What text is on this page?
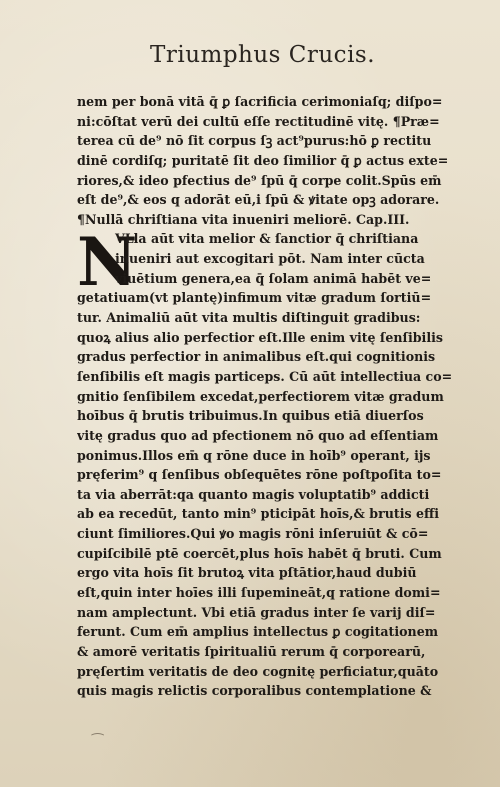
Triumphus Crucis.
N
nem per bonā vitā q̄ ꝑ ſacrificia cerimoniaſq; diſpo=
ni:cōſtat verū dei cultū eſſe rectitudinē vitę. ¶Præ=
terea cū de⁹ nō ſit corpus ſꝫ act⁹purus:hō ꝑ rectitu
dinē cordiſq; puritatē ſit deo ſimilior q̄ ꝑ actus exte=
riores,& ideo pfectius de⁹ ſpū q̄ corpe colit.Spūs em̄
eſt de⁹,& eos q adorāt eū,i ſpū & ꝟitate opꝫ adorare.
¶Nullā chriſtiana vita inueniri meliorē. Cap.III.
VLla aūt vita melior & ſanctior q̄ chriſtiana
inueniri aut excogitari pōt. Nam inter cūcta
viuētium genera,ea q̄ ſolam animā habēt ve=
getatiuam(vt plantę)infimum vitæ gradum ſortiū=
tur. Animaliū aūt vita multis diſtinguit gradibus:
quoꝝ alius alio perfectior eſt.Ille enim vitę ſenſibilis
gradus perfectior in animalibus eſt.qui cognitionis
ſenſibilis eſt magis particeps. Cū aūt intellectiua co=
gnitio ſenſibilem excedat,perfectiorem vitæ gradum
hoībus q̄ brutis tribuimus.In quibus etiā diuerſos
vitę gradus quo ad pfectionem nō quo ad eſſentiam
ponimus.Illos em̄ q rōne duce in hoīb⁹ operant, ijs
pręferim⁹ q ſenſibus obſequētes rōne poſtpoſita to=
ta via aberrāt:qa quanto magis voluptatib⁹ addicti
ab ea recedūt, tanto min⁹ pticipāt hoīs,& brutis effi
ciunt ſimiliores.Qui ꝟo magis rōni inſeruiūt & cō=
cupiſcibilē ptē coercēt,plus hoīs habēt q̄ bruti. Cum
ergo vita hoīs ſit brutoꝝ vita pſtātior,haud dubiū
eſt,quin inter hoīes illi ſupemineāt,q ratione domi=
nam amplectunt. Vbi etiā gradus inter ſe varij diſ=
ferunt. Cum em̄ amplius intellectus ꝑ cogitationem
& amorē veritatis ſpiritualiū rerum q̄ corporearū,
pręſertim veritatis de deo cognitę perficiatur,quāto
quis magis relictis corporalibus contemplatione &
⁀
